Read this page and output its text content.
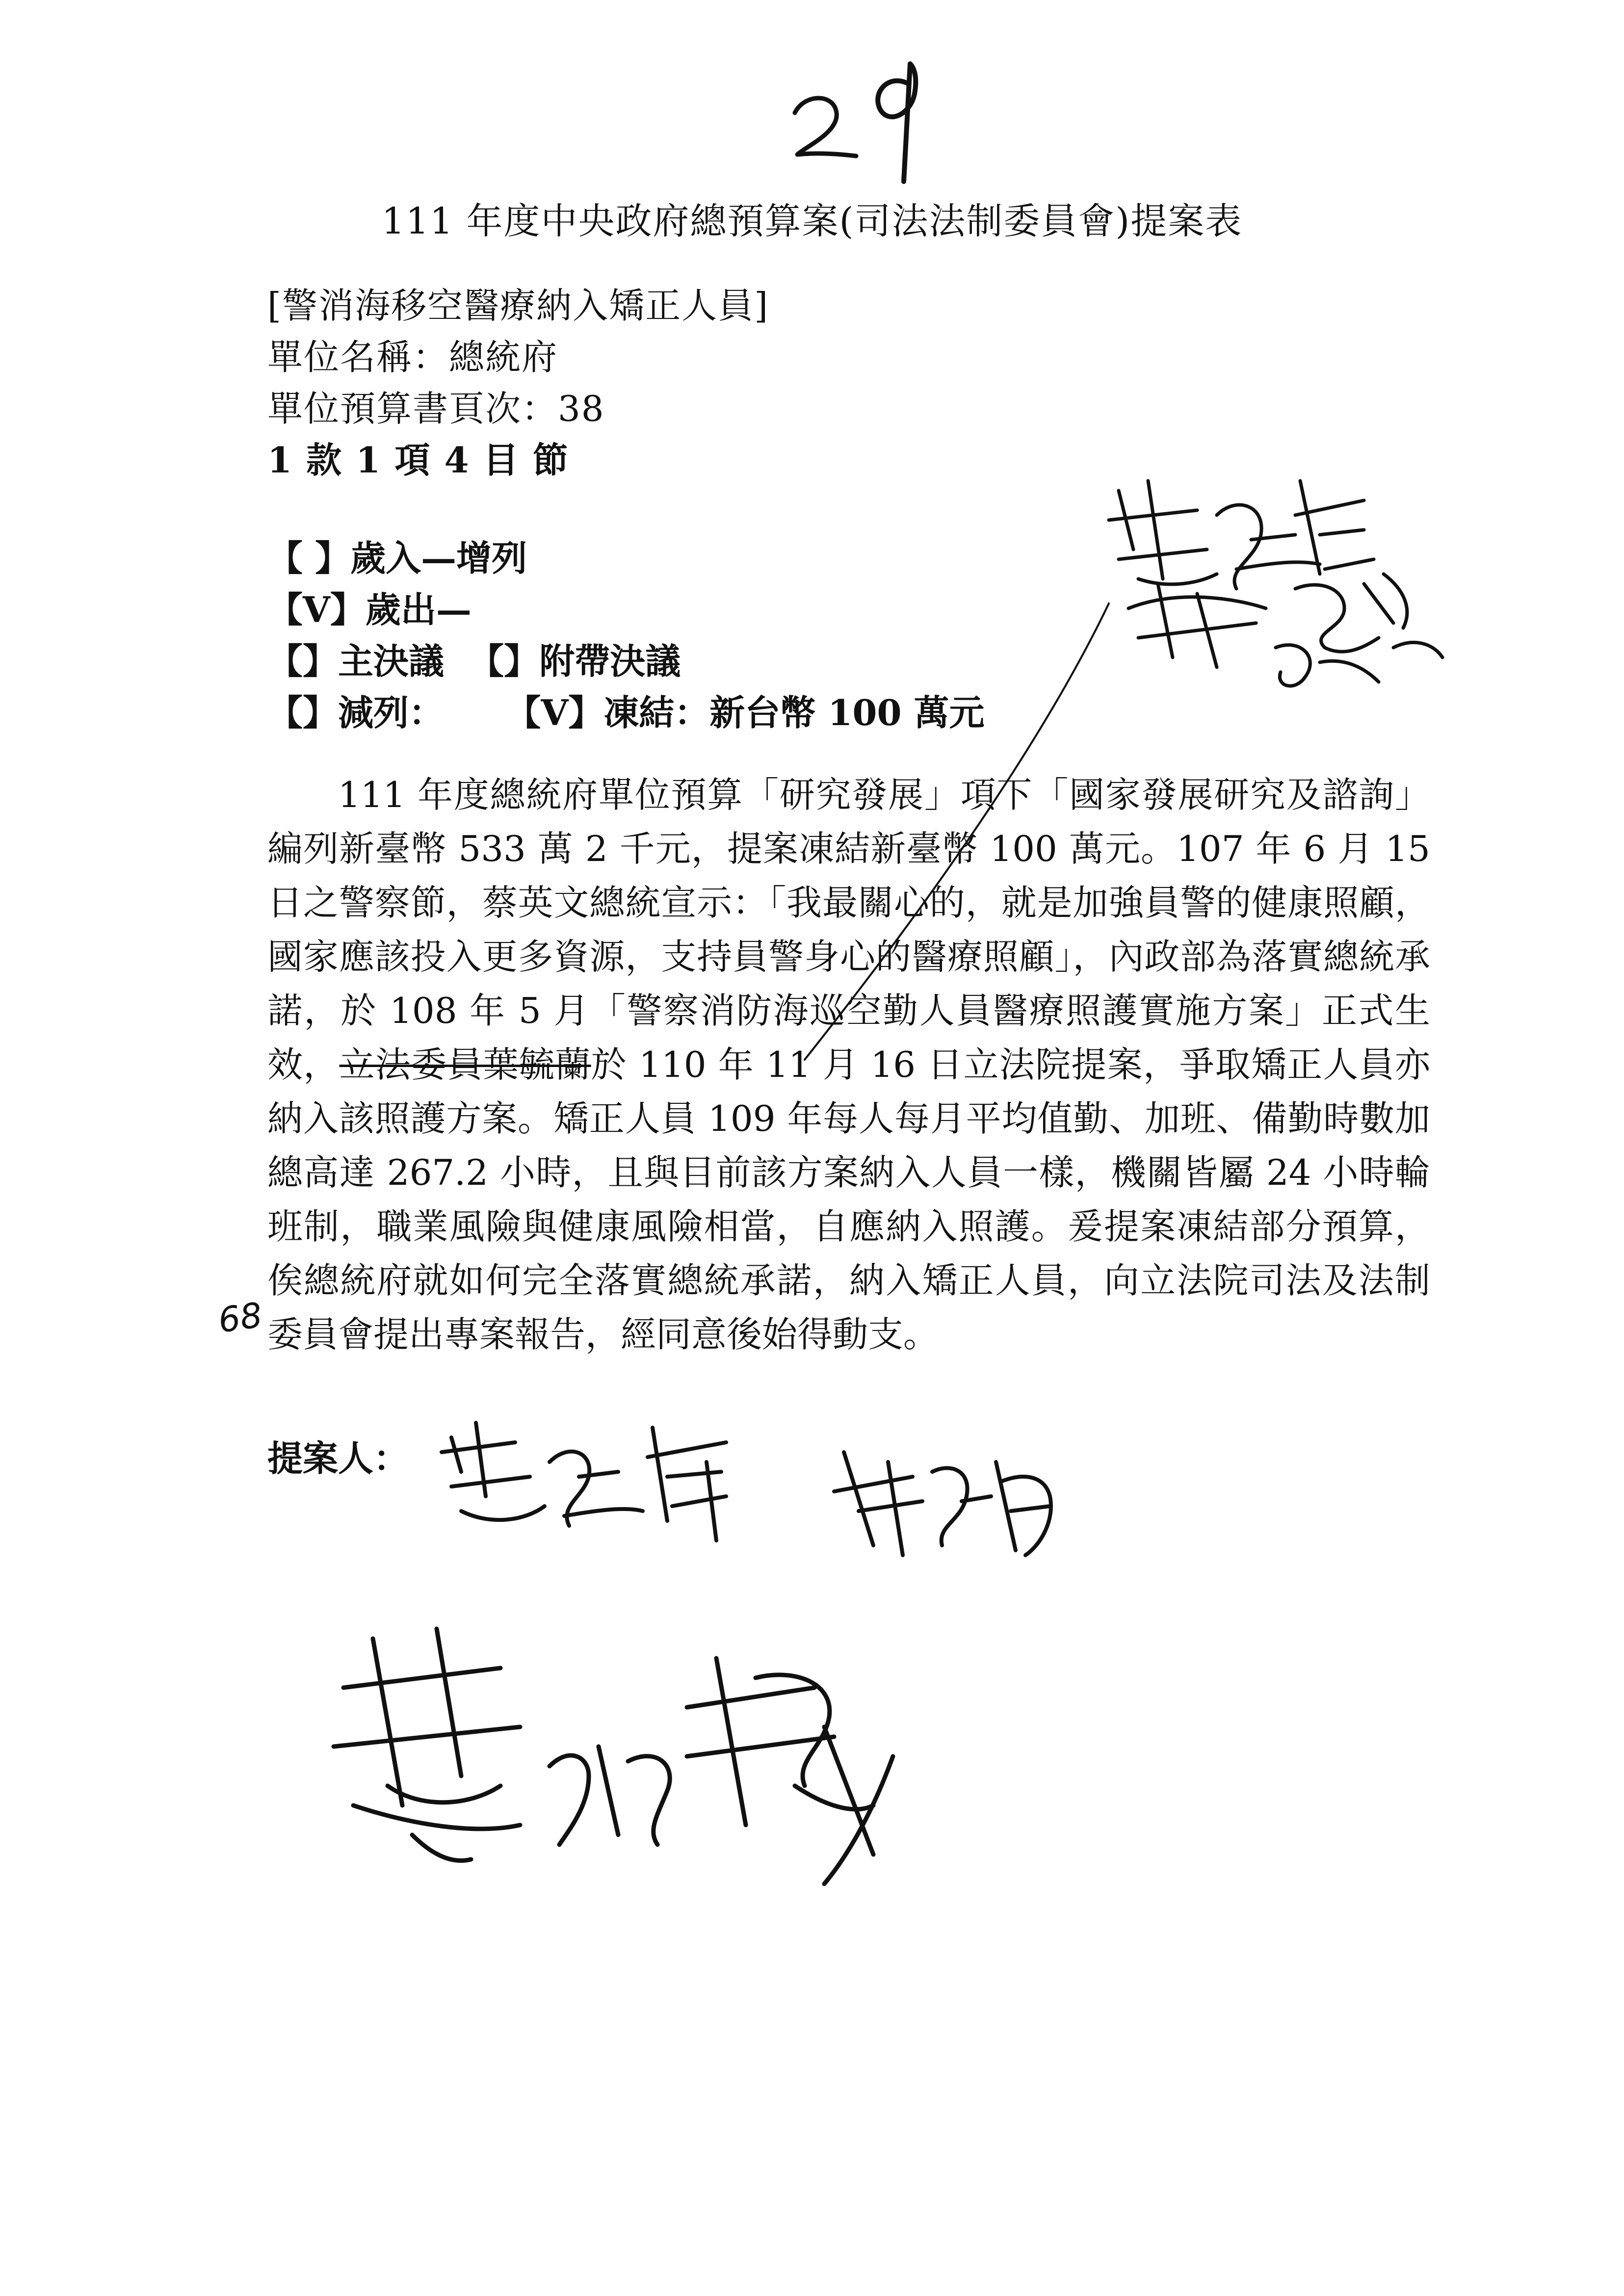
29
111 年度中央政府總預算案(司法法制委員會)提案表
[警消海移空醫療納入矯正人員]
單位名稱：總統府
單位預算書頁次：38
1 款 1 項 4 目 節
【 】歲入—增列
【V】歲出—
【】主決議 【】附帶決議
【】減列： 【V】凍結：新台幣 100 萬元

111 年度總統府單位預算「研究發展」項下「國家發展研究及諮詢」編列新臺幣 533 萬 2 千元，提案凍結新臺幣 100 萬元。107 年 6 月 15 日之警察節，蔡英文總統宣示：「我最關心的，就是加強員警的健康照顧，國家應該投入更多資源，支持員警身心的醫療照顧」，內政部為落實總統承諾，於 108 年 5 月「警察消防海巡空勤人員醫療照護實施方案」正式生效，立法委員葉毓蘭於 110 年 11 月 16 日立法院提案，爭取矯正人員亦納入該照護方案。矯正人員 109 年每人每月平均值勤、加班、備勤時數加總高達 267.2 小時，且與目前該方案納入人員一樣，機關皆屬 24 小時輪班制，職業風險與健康風險相當，自應納入照護。爰提案凍結部分預算，俟總統府就如何完全落實總統承諾，納入矯正人員，向立法院司法及法制委員會提出專案報告，經同意後始得動支。

68
提案人：
